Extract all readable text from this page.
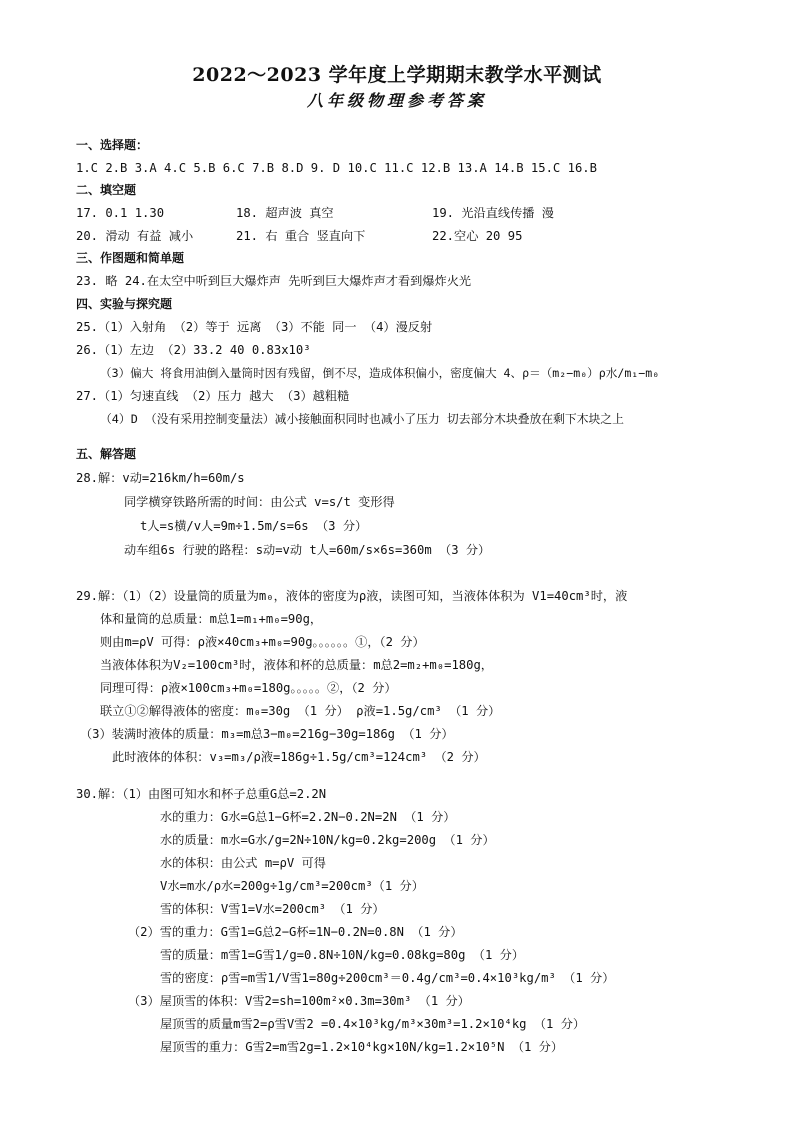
2022～2023 学年度上学期期末教学水平测试
八年级物理参考答案
一、选择题：
1.C 2.B 3.A 4.C 5.B 6.C 7.B 8.D 9. D 10.C 11.C 12.B 13.A 14.B 15.C 16.B
二、填空题
17. 0.1 1.30	18. 超声波 真空	19. 光沿直线传播 漫
20. 滑动 有益 减小	21. 右 重合 竖直向下	22.空心 20 95
三、作图题和简单题
23. 略 24.在太空中听到巨大爆炸声 先听到巨大爆炸声才看到爆炸火光
四、实验与探究题
25.（1）入射角 （2）等于 远离 （3）不能 同一 （4）漫反射
26.（1）左边 （2）33.2 40 0.83x10³
（3）偏大 将食用油倒入量筒时因有残留，倒不尽，造成体积偏小，密度偏大 4、ρ＝（m₂−m₀）ρ水/m₁−m₀
27.（1）匀速直线 （2）压力 越大 （3）越粗糙
（4）D （没有采用控制变量法）减小接触面积同时也减小了压力 切去部分木块叠放在剩下木块之上
五、解答题
28.解：v动=216km/h=60m/s
同学横穿铁路所需的时间：由公式 v=s/t 变形得
t人=s横/v人=9m÷1.5m/s=6s （3 分）
动车组6s 行驶的路程：s动=v动 t人=60m/s×6s=360m （3 分）
29.解：（1）（2）设量筒的质量为m₀，液体的密度为ρ液，读图可知，当液体体积为 V1=40cm³时，液
体和量筒的总质量：m总1=m₁+m₀=90g，
则由m=ρV 可得：ρ液×40cm₃+m₀=90g。。。。。。①，（2 分）
当液体体积为V₂=100cm³时，液体和杯的总质量：m总2=m₂+m₀=180g，
同理可得：ρ液×100cm₃+m₀=180g。。。。。②，（2 分）
联立①②解得液体的密度：m₀=30g （1 分） ρ液=1.5g/cm³ （1 分）
（3）装满时液体的质量：m₃=m总3−m₀=216g−30g=186g （1 分）
此时液体的体积：v₃=m₃/ρ液=186g÷1.5g/cm³=124cm³ （2 分）
30.解：（1）由图可知水和杯子总重G总=2.2N
水的重力：G水=G总1−G杯=2.2N−0.2N=2N （1 分）
水的质量：m水=G水/g=2N÷10N/kg=0.2kg=200g （1 分）
水的体积：由公式 m=ρV 可得
V水=m水/ρ水=200g÷1g/cm³=200cm³（1 分）
雪的体积：V雪1=V水=200cm³ （1 分）
（2）雪的重力：G雪1=G总2−G杯=1N−0.2N=0.8N （1 分）
雪的质量：m雪1=G雪1/g=0.8N÷10N/kg=0.08kg=80g （1 分）
雪的密度：ρ雪=m雪1/V雪1=80g÷200cm³＝0.4g/cm³=0.4×10³kg/m³ （1 分）
（3）屋顶雪的体积：V雪2=sh=100m²×0.3m=30m³ （1 分）
屋顶雪的质量m雪2=ρ雪V雪2 =0.4×10³kg/m³×30m³=1.2×10⁴kg （1 分）
屋顶雪的重力：G雪2=m雪2g=1.2×10⁴kg×10N/kg=1.2×10⁵N （1 分）
